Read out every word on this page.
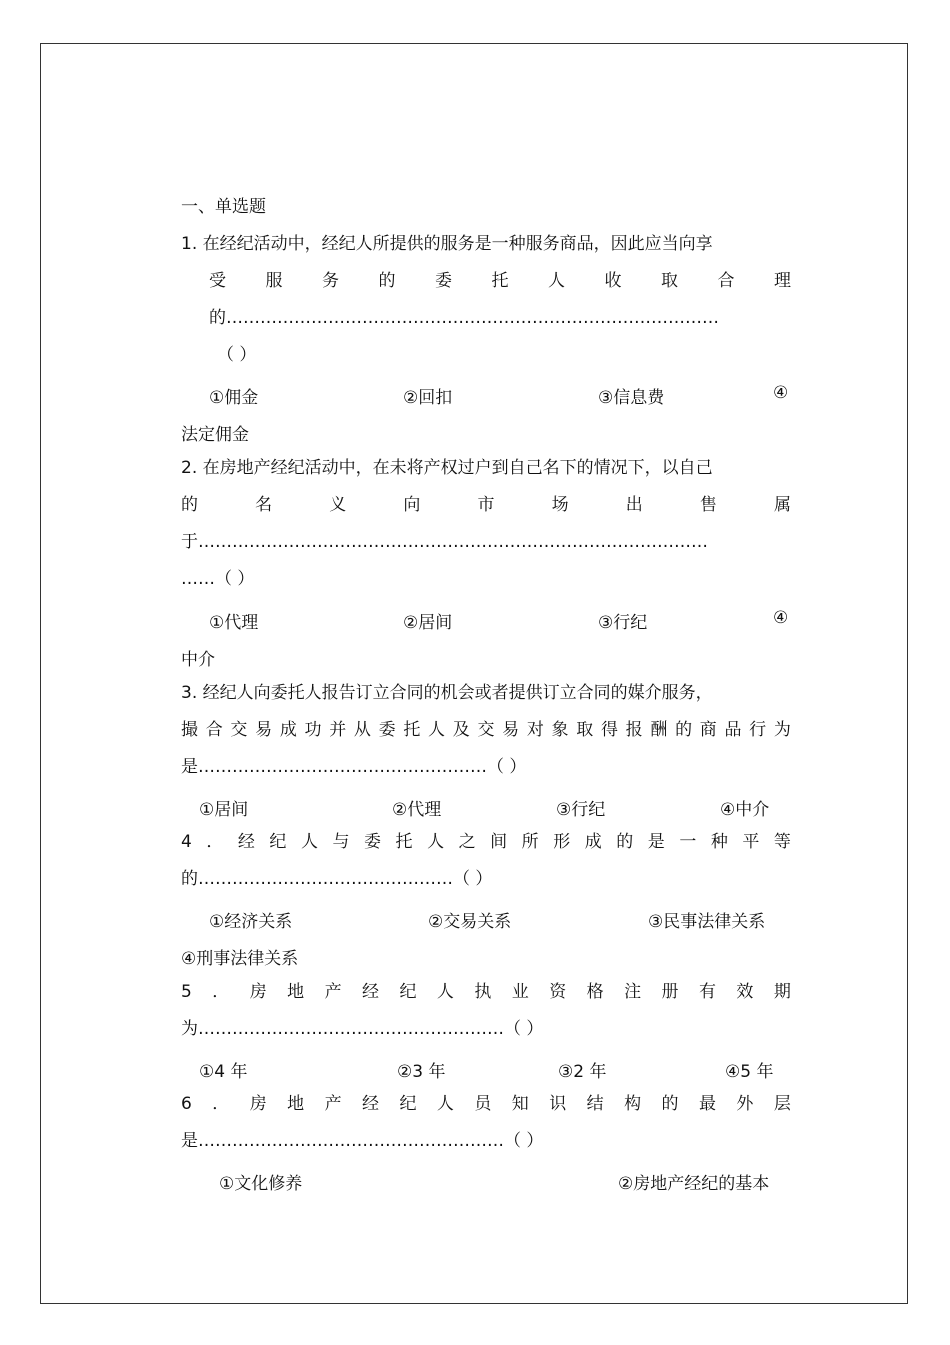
一、单选题
1. 在经纪活动中，经纪人所提供的服务是一种服务商品，因此应当向享
受 服 务 的 委 托 人 收 取 合 理
的……………………………………………………………………………
（ ）
①佣金	②回扣	③信息费	④
法定佣金
2. 在房地产经纪活动中，在未将产权过户到自己名下的情况下，以自己
的	名	义	向	市	场	出	售	属
于………………………………………………………………………………
……（ ）
①代理	②居间	③行纪	④
中介
3. 经纪人向委托人报告订立合同的机会或者提供订立合同的媒介服务，
撮 合 交 易 成 功 并 从 委 托 人 及 交 易 对 象 取 得 报 酬 的 商 品 行 为
是……………………………………………（ ）
①居间	②代理	③行纪	④中介
4 ． 经 纪 人 与 委 托 人 之 间 所 形 成 的 是 一 种 平 等
的………………………………………（ ）
①经济关系	②交易关系	③民事法律关系
④刑事法律关系
5 ． 房 地 产 经 纪 人 执 业 资 格 注 册 有 效 期
为………………………………………………（ ）
①4 年	②3 年	③2 年	④5 年
6 ． 房 地 产 经 纪 人 员 知 识 结 构 的 最 外 层
是………………………………………………（ ）
①文化修养	②房地产经纪的基本
